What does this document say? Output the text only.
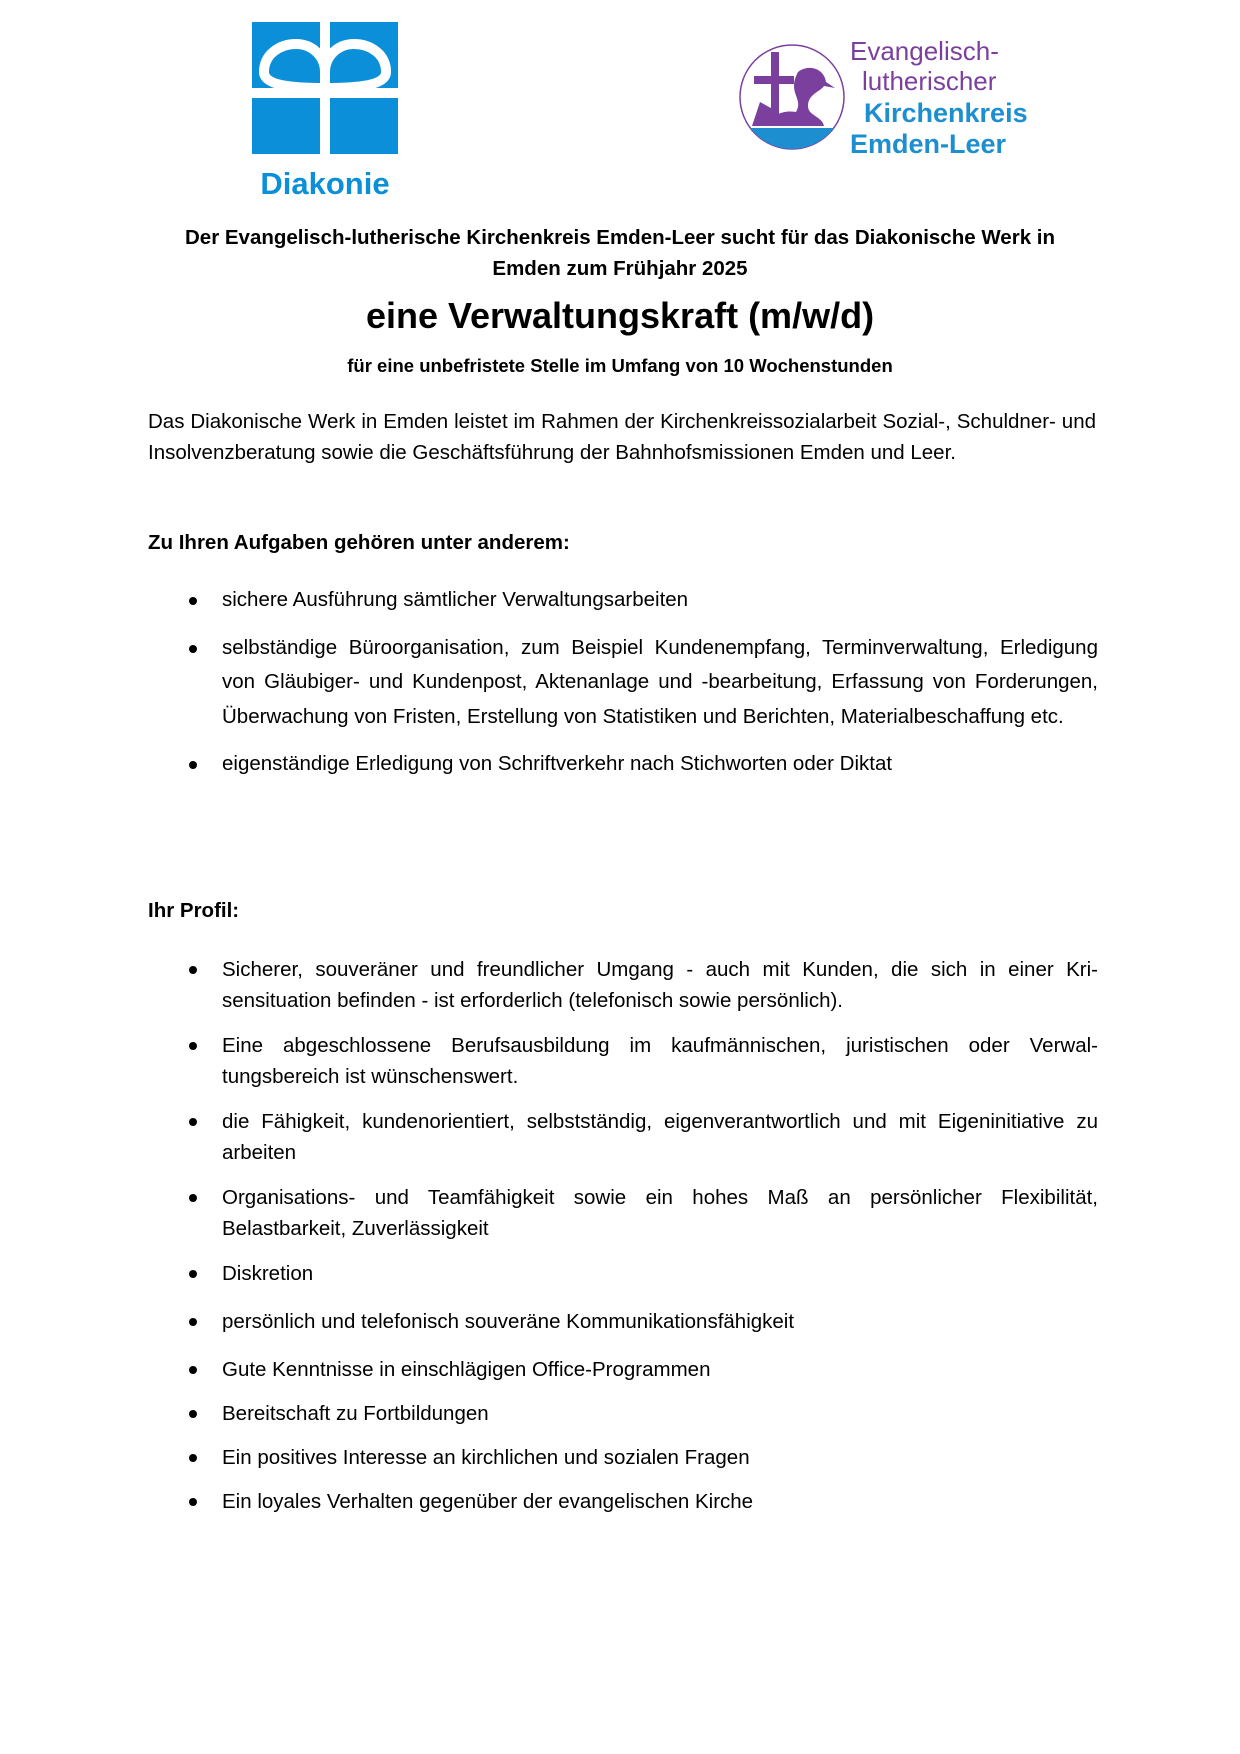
Diakonie
Evangelisch-
lutherischer
Kirchenkreis
Emden-Leer
Der Evangelisch-lutherische Kirchenkreis Emden-Leer sucht für das Diakonische Werk in
Emden zum Frühjahr 2025
eine Verwaltungskraft (m/w/d)
für eine unbefristete Stelle im Umfang von 10 Wochenstunden
Das Diakonische Werk in Emden leistet im Rahmen der Kirchenkreissozialarbeit Sozial-, Schuldner- und Insolvenzberatung sowie die Geschäftsführung der Bahnhofsmissionen Emden und Leer.
Zu Ihren Aufgaben gehören unter anderem:
sichere Ausführung sämtlicher Verwaltungsarbeiten
selbständige Büroorganisation, zum Beispiel Kundenempfang, Terminverwaltung, Erledigung von Gläubiger- und Kundenpost, Aktenanlage und -bearbeitung, Erfassung von Forderungen, Überwachung von Fristen, Erstellung von Statistiken und Berichten, Materialbeschaffung etc.
eigenständige Erledigung von Schriftverkehr nach Stichworten oder Diktat
Ihr Profil:
Sicherer, souveräner und freundlicher Umgang - auch mit Kunden, die sich in einer Kri-sensituation befinden - ist erforderlich (telefonisch sowie persönlich).
Eine abgeschlossene Berufsausbildung im kaufmännischen, juristischen oder Verwal-tungsbereich ist wünschenswert.
die Fähigkeit, kundenorientiert, selbstständig, eigenverantwortlich und mit Eigeninitiative zu arbeiten
Organisations- und Teamfähigkeit sowie ein hohes Maß an persönlicher Flexibilität, Belastbarkeit, Zuverlässigkeit
Diskretion
persönlich und telefonisch souveräne Kommunikationsfähigkeit
Gute Kenntnisse in einschlägigen Office-Programmen
Bereitschaft zu Fortbildungen
Ein positives Interesse an kirchlichen und sozialen Fragen
Ein loyales Verhalten gegenüber der evangelischen Kirche
